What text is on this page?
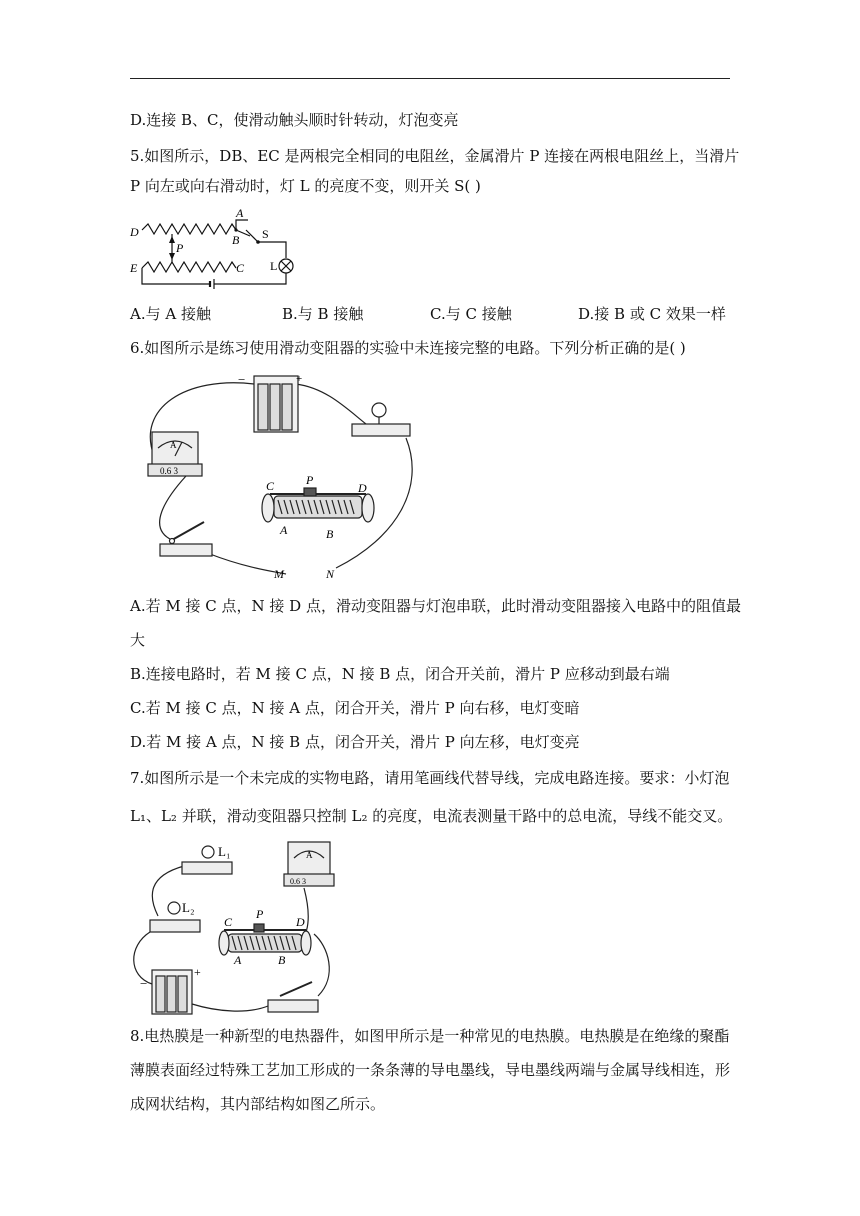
D.连接 B、C，使滑动触头顺时针转动，灯泡变亮
5.如图所示，DB、EC 是两根完全相同的电阻丝，金属滑片 P 连接在两根电阻丝上，当滑片
P 向左或向右滑动时，灯 L 的亮度不变，则开关 S( )
A
D
B S
P
E	C L
A.与 A 接触	B.与 B 接触	C.与 C 接触	D.接 B 或 C 效果一样
6.如图所示是练习使用滑动变阻器的实验中未连接完整的电路。下列分析正确的是( )
−	+
A
0.6 3
C	P
D
A	B
M	N
A.若 M 接 C 点，N 接 D 点，滑动变阻器与灯泡串联，此时滑动变阻器接入电路中的阻值最
大
B.连接电路时，若 M 接 C 点，N 接 B 点，闭合开关前，滑片 P 应移动到最右端
C.若 M 接 C 点，N 接 A 点，闭合开关，滑片 P 向右移，电灯变暗
D.若 M 接 A 点，N 接 B 点，闭合开关，滑片 P 向左移，电灯变亮
7.如图所示是一个未完成的实物电路，请用笔画线代替导线，完成电路连接。要求：小灯泡
L₁、L₂ 并联，滑动变阻器只控制 L₂ 的亮度，电流表测量干路中的总电流，导线不能交叉。
L₁
L₂
A
0.6 3
C
P
D
A	B
−
+
8.电热膜是一种新型的电热器件，如图甲所示是一种常见的电热膜。电热膜是在绝缘的聚酯
薄膜表面经过特殊工艺加工形成的一条条薄的导电墨线，导电墨线两端与金属导线相连，形
成网状结构，其内部结构如图乙所示。
